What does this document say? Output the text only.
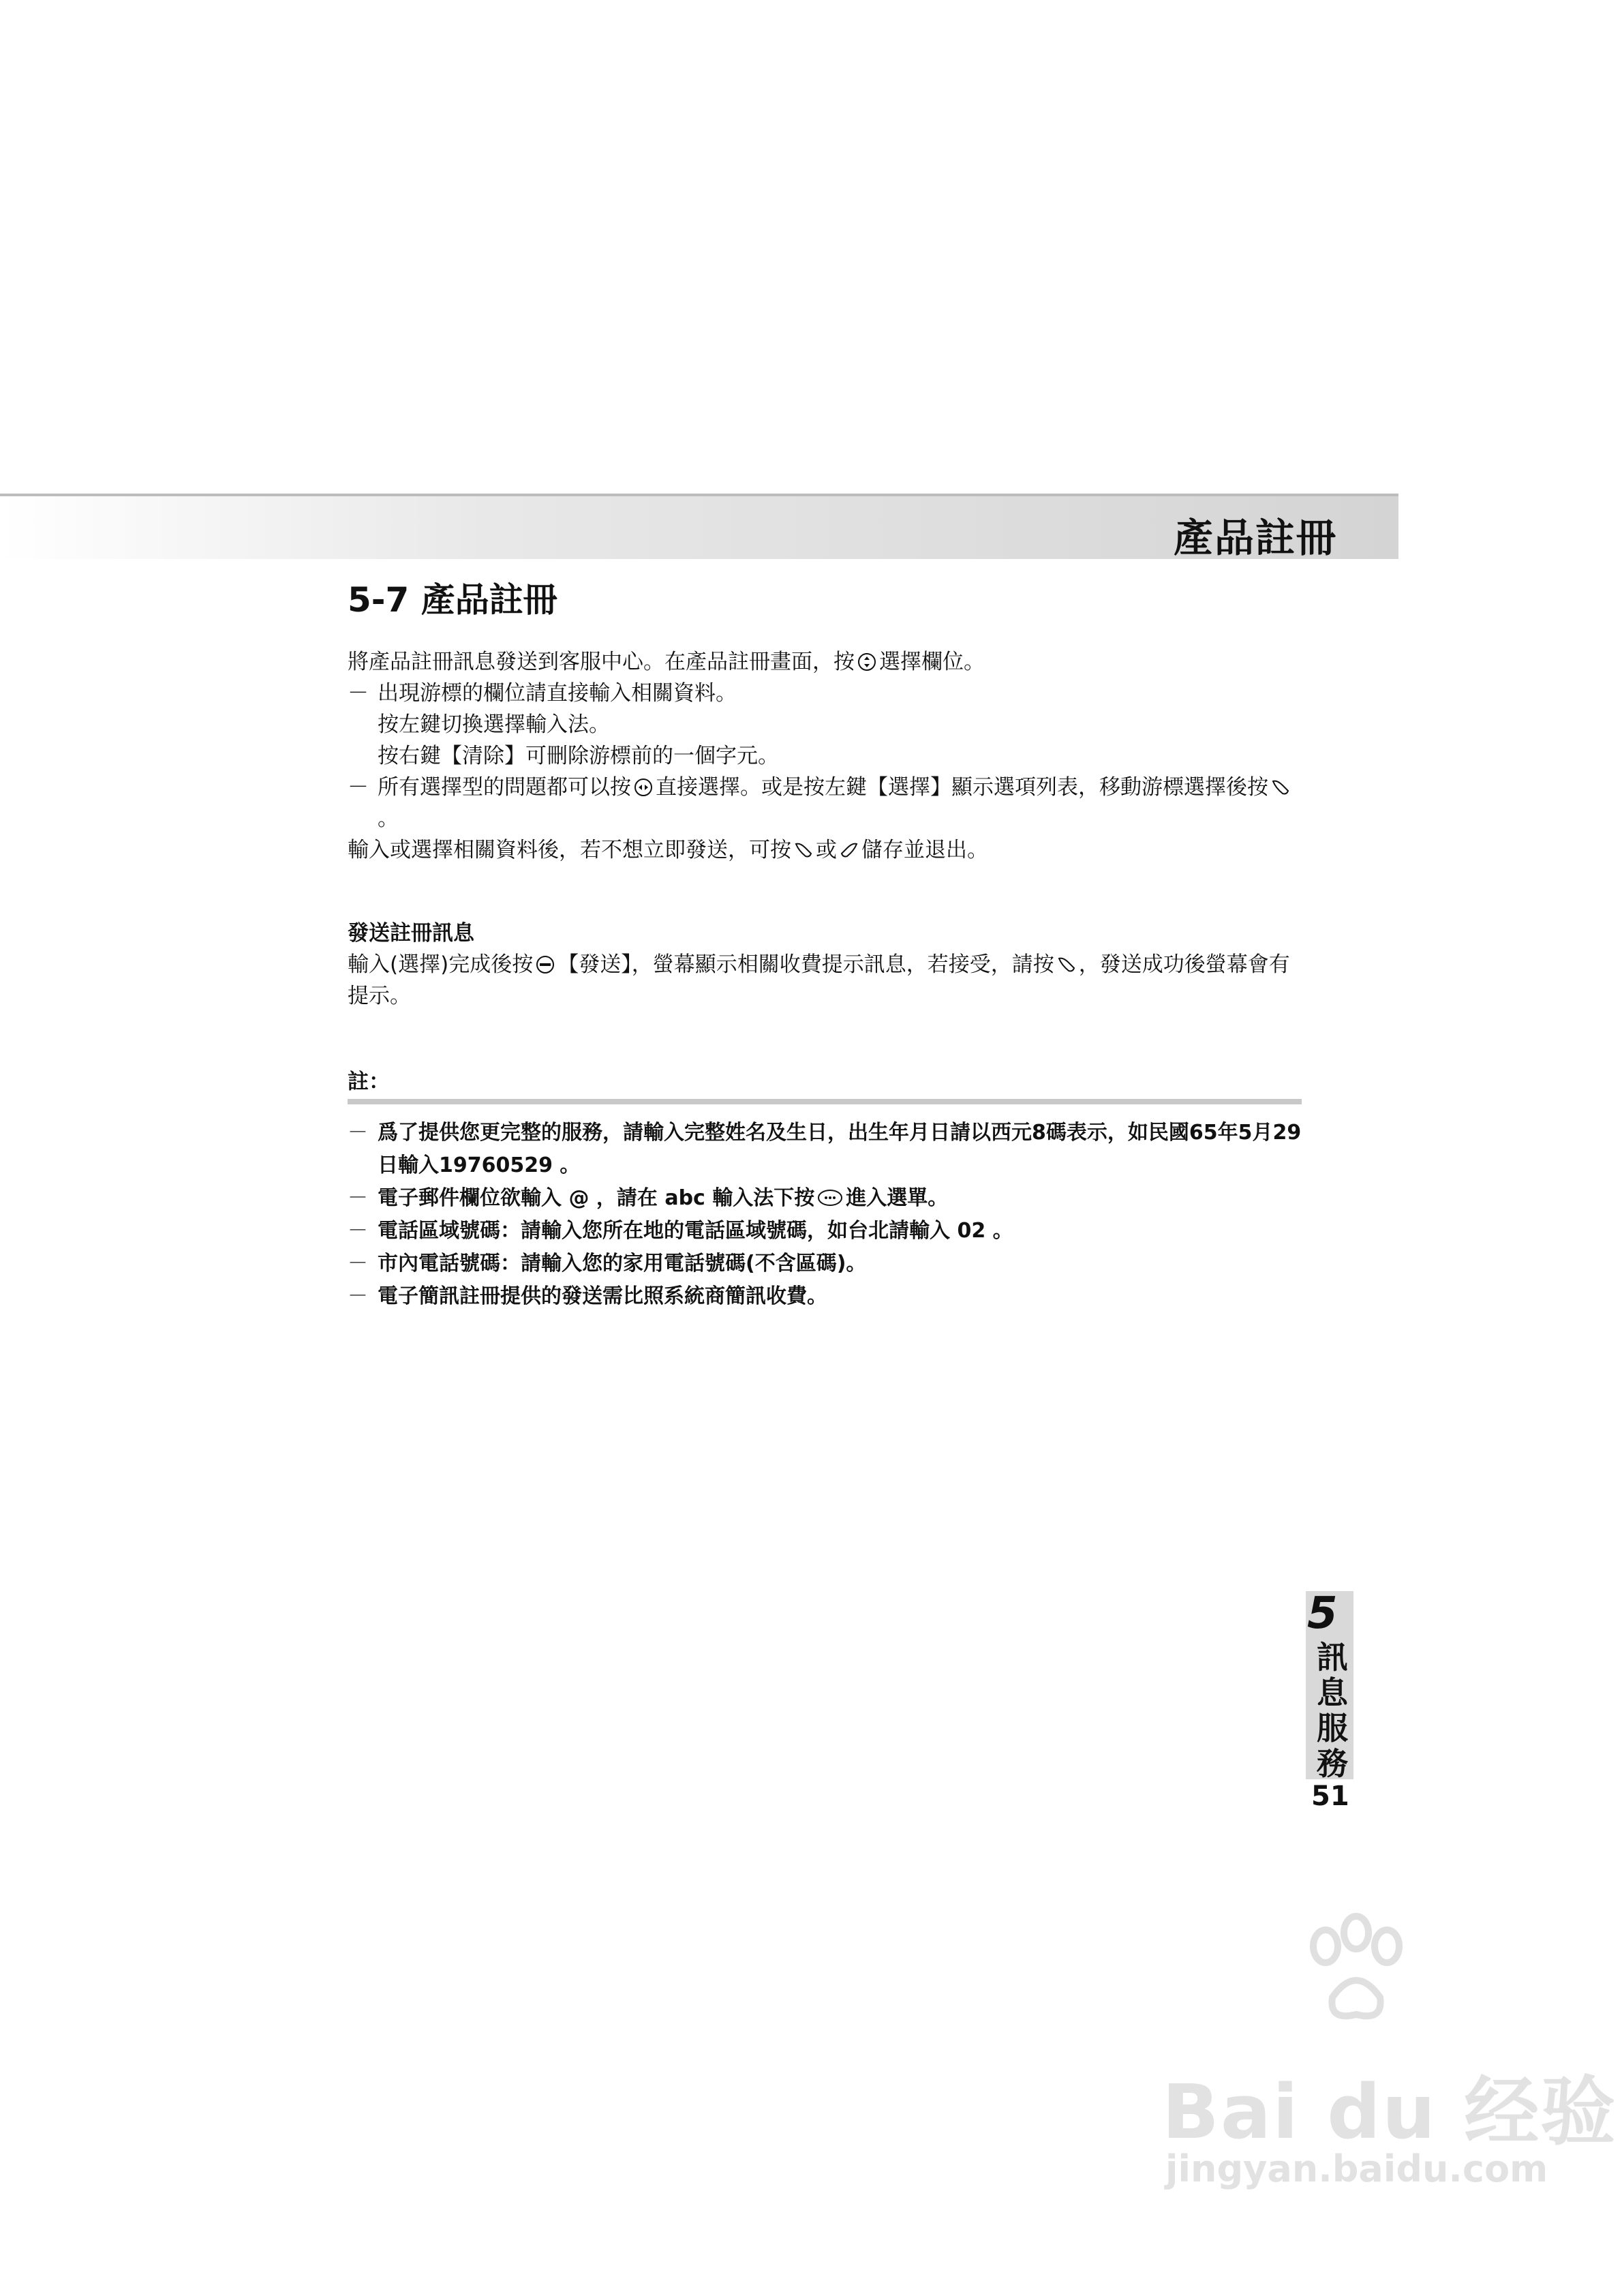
產品註冊
5-7 產品註冊

將產品註冊訊息發送到客服中心。在產品註冊畫面，按 選擇欄位。

－ 出現游標的欄位請直接輸入相關資料。
按左鍵切換選擇輸入法。
按右鍵【清除】可刪除游標前的一個字元。
－ 所有選擇型的問題都可以按 直接選擇。或是按左鍵【選擇】顯示選項列表，移動游標選擇後按。

輸入或選擇相關資料後，若不想立即發送，可按 或 儲存並退出。

發送註冊訊息

輸入(選擇)完成後按 【發送】，螢幕顯示相關收費提示訊息，若接受，請按 ，發送成功後螢幕會有提示。

註：
－ 爲了提供您更完整的服務，請輸入完整姓名及生日，出生年月日請以西元8碼表示，如民國65年5月29日輸入19760529 。
－ 電子郵件欄位欲輸入 @ ，請在 abc 輸入法下按 進入選單。
－ 電話區域號碼：請輸入您所在地的電話區域號碼，如台北請輸入 02 。
－ 市內電話號碼：請輸入您的家用電話號碼(不含區碼)。
－ 電子簡訊註冊提供的發送需比照系統商簡訊收費。
5
訊息服務
51
Bai du 经验
jingyan.baidu.com
